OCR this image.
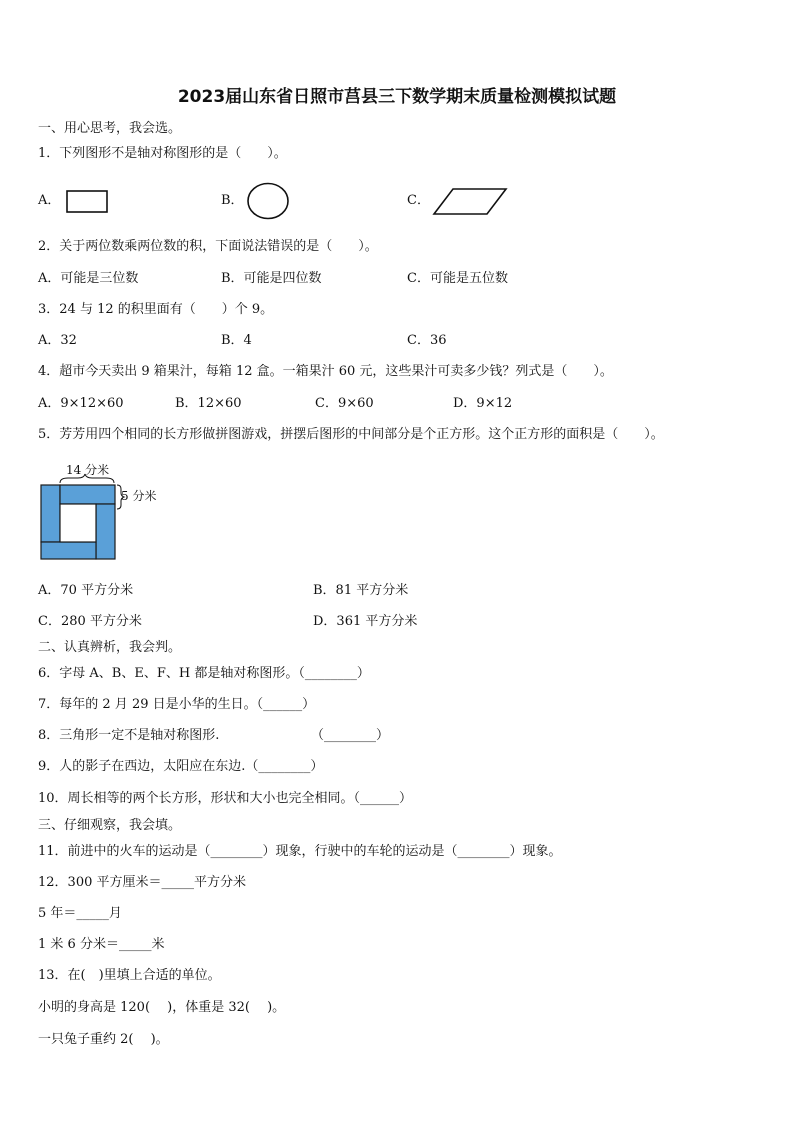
2023届山东省日照市莒县三下数学期末质量检测模拟试题
一、用心思考，我会选。
1．下列图形不是轴对称图形的是（　　）。
A．	B．	C．
2．关于两位数乘两位数的积，下面说法错误的是（　　）。
A．可能是三位数	B．可能是四位数	C．可能是五位数
3．24 与 12 的积里面有（　　）个 9。
A．32	B．4	C．36
4．超市今天卖出 9 箱果汁，每箱 12 盒。一箱果汁 60 元，这些果汁可卖多少钱？列式是（　　）。
A．9×12×60	B．12×60	C．9×60	D．9×12
5．芳芳用四个相同的长方形做拼图游戏，拼摆后图形的中间部分是个正方形。这个正方形的面积是（　　）。
14 分米
5 分米
A．70 平方分米	B．81 平方分米
C．280 平方分米	D．361 平方分米
二、认真辨析，我会判。
6．字母 A、B、E、F、H 都是轴对称图形。（________）
7．每年的 2 月 29 日是小华的生日。（______）
8．三角形一定不是轴对称图形.	（________）
9．人的影子在西边，太阳应在东边.（________）
10．周长相等的两个长方形，形状和大小也完全相同。（______）
三、仔细观察，我会填。
11．前进中的火车的运动是（________）现象，行驶中的车轮的运动是（________）现象。
12．300 平方厘米＝_____平方分米
5 年＝_____月
1 米 6 分米＝_____米
13．在(　)里填上合适的单位。
小明的身高是 120(　 )，体重是 32(　 )。
一只兔子重约 2(　 )。
